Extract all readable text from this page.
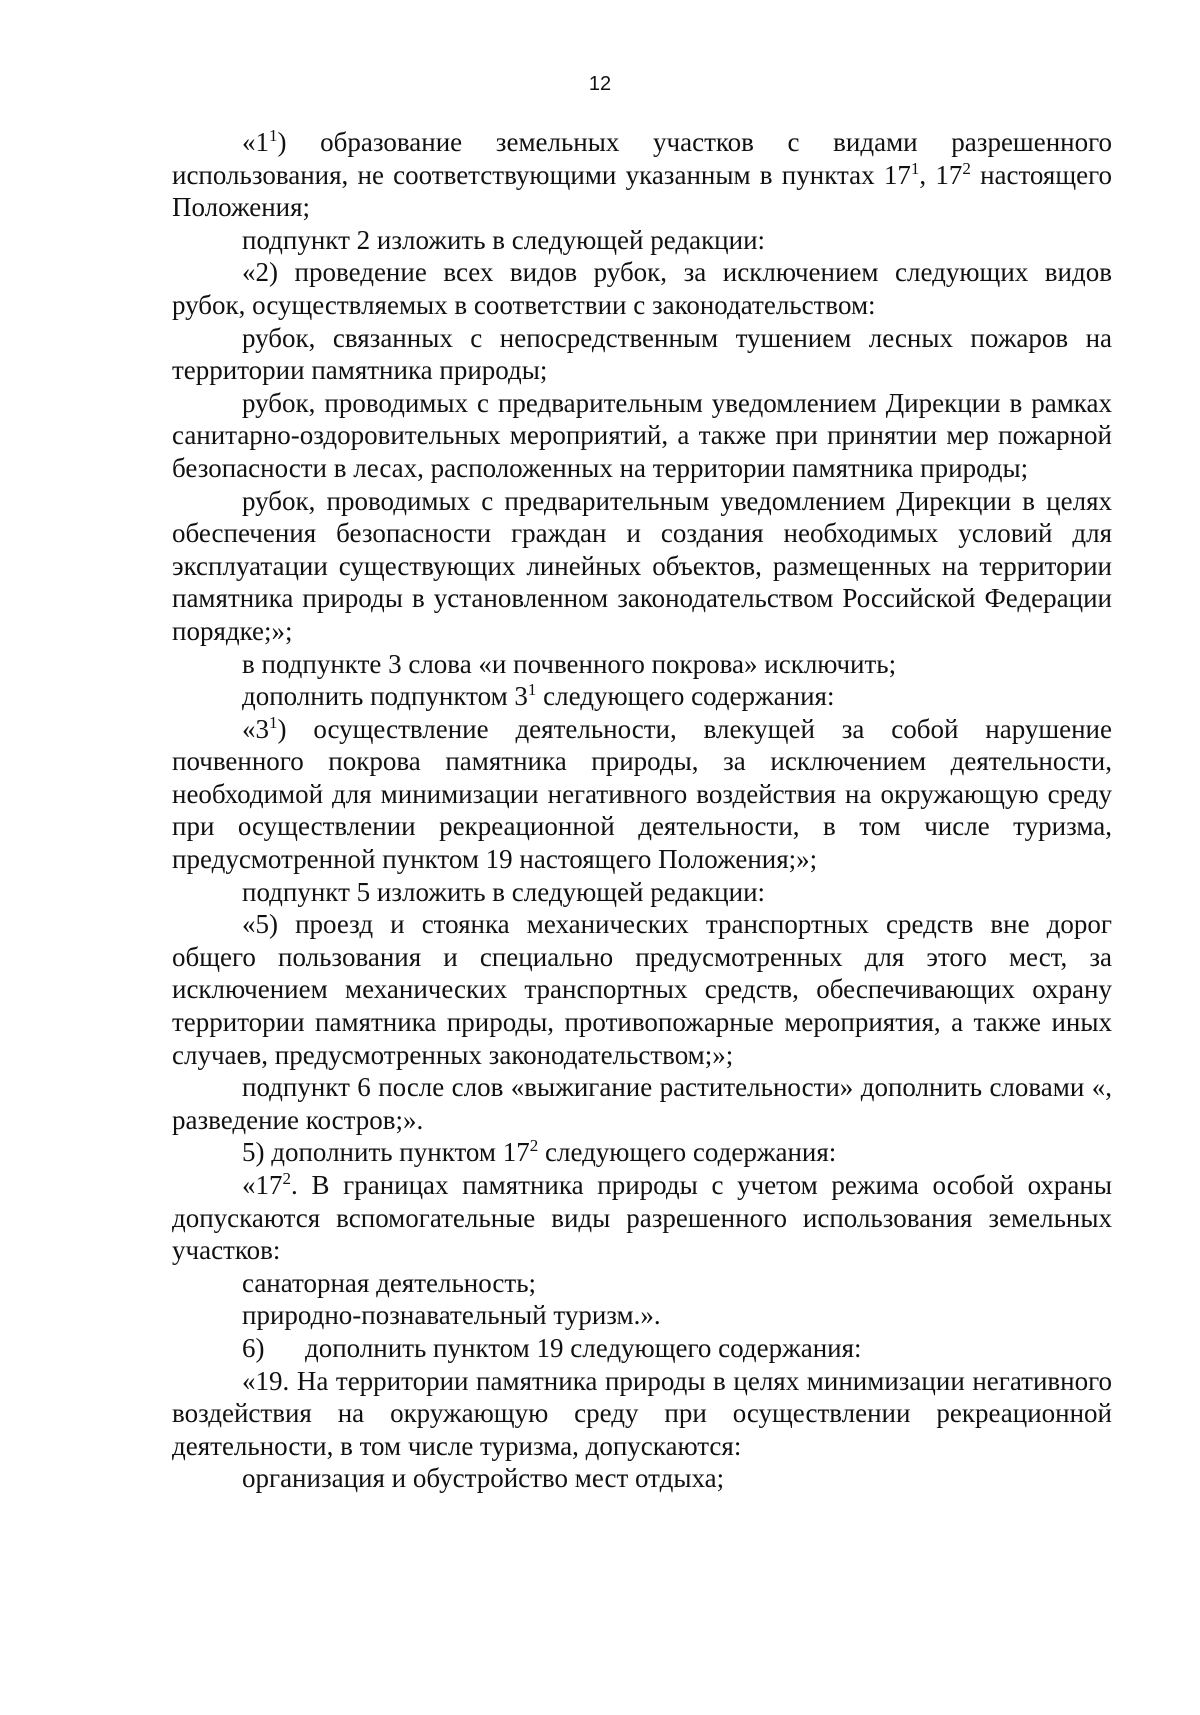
12

«$1^1$) образование земельных участков с видами разрешенного использования, не соответствующими указанным в пунктах $17^1$, $17^2$ настоящего Положения;

подпункт 2 изложить в следующей редакции:

«2) проведение всех видов рубок, за исключением следующих видов рубок, осуществляемых в соответствии с законодательством:

рубок, связанных с непосредственным тушением лесных пожаров на территории памятника природы;

рубок, проводимых с предварительным уведомлением Дирекции в рамках санитарно-оздоровительных мероприятий, а также при принятии мер пожарной безопасности в лесах, расположенных на территории памятника природы;

рубок, проводимых с предварительным уведомлением Дирекции в целях обеспечения безопасности граждан и создания необходимых условий для эксплуатации существующих линейных объектов, размещенных на территории памятника природы в установленном законодательством Российской Федерации порядке;»;

в подпункте 3 слова «и почвенного покрова» исключить;

дополнить подпунктом $3^1$ следующего содержания:

«$3^1$) осуществление деятельности, влекущей за собой нарушение почвенного покрова памятника природы, за исключением деятельности, необходимой для минимизации негативного воздействия на окружающую среду при осуществлении рекреационной деятельности, в том числе туризма, предусмотренной пунктом 19 настоящего Положения;»;

подпункт 5 изложить в следующей редакции:

«5) проезд и стоянка механических транспортных средств вне дорог общего пользования и специально предусмотренных для этого мест, за исключением механических транспортных средств, обеспечивающих охрану территории памятника природы, противопожарные мероприятия, а также иных случаев, предусмотренных законодательством;»;

подпункт 6 после слов «выжигание растительности» дополнить словами «, разведение костров;».

5) дополнить пунктом $17^2$ следующего содержания:

«$17^2$. В границах памятника природы с учетом режима особой охраны допускаются вспомогательные виды разрешенного использования земельных участков:

санаторная деятельность;

природно-познавательный туризм.».

6)      дополнить пунктом 19 следующего содержания:

«19. На территории памятника природы в целях минимизации негативного воздействия на окружающую среду при осуществлении рекреационной деятельности, в том числе туризма, допускаются:

организация и обустройство мест отдыха;
